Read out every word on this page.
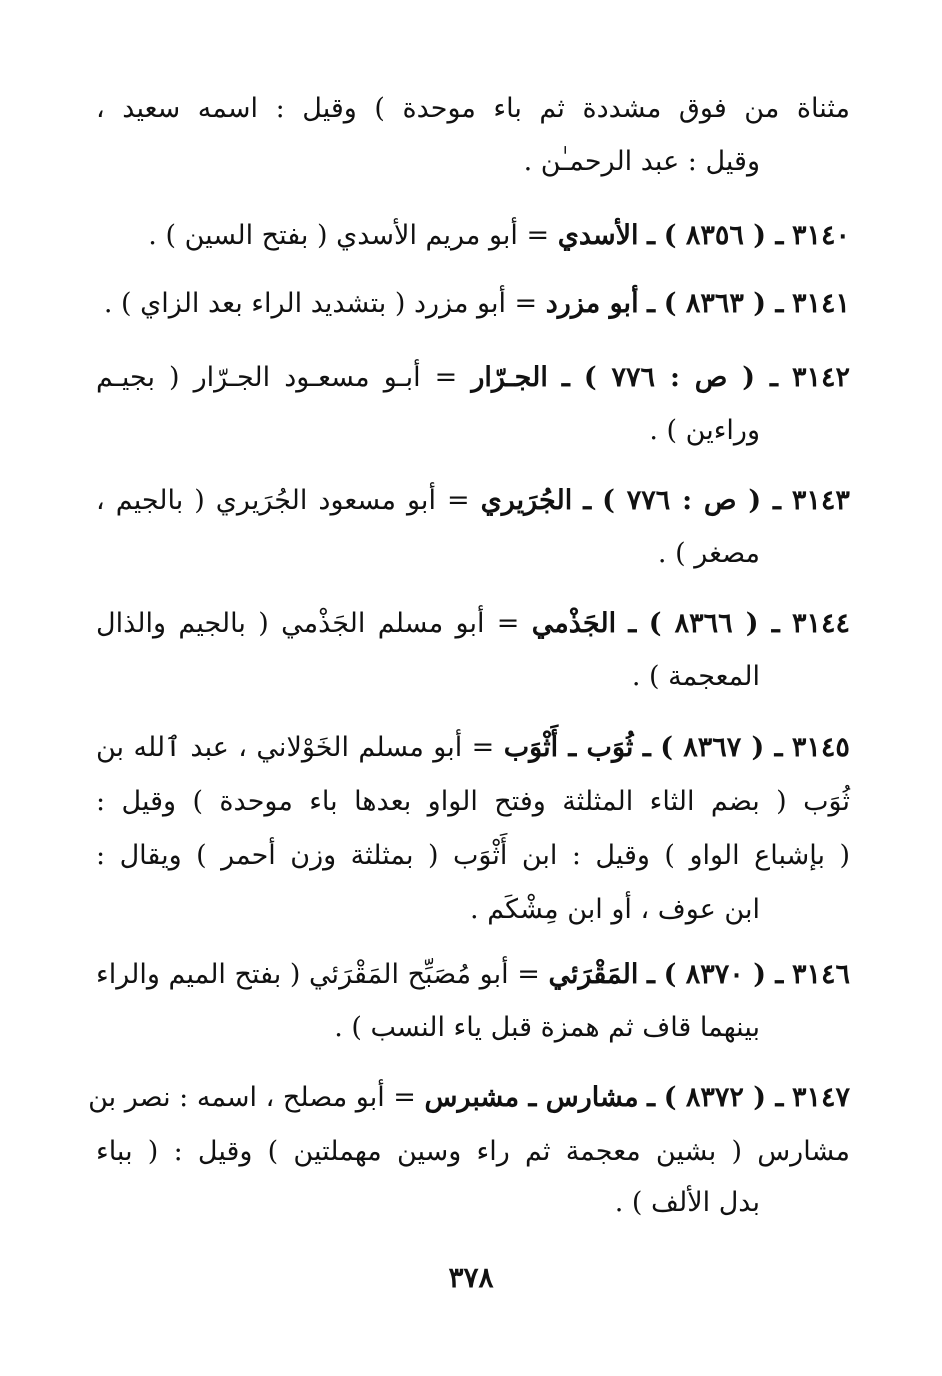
مثناة من فوق مشددة ثم باء موحدة ) وقيل : اسمه سعيد ،
وقيل : عبد الرحمـٰن .
٣١٤٠ ـ ( ٨٣٥٦ ) ـ الأسدي = أبو مريم الأسدي ( بفتح السين ) .
٣١٤١ ـ ( ٨٣٦٣ ) ـ أبو مزرد = أبو مزرد ( بتشديد الراء بعد الزاي ) .
٣١٤٢ ـ ( ص : ٧٧٦ ) ـ الجـرّار = أبـو مسعـود الجـرّار ( بجيـم
وراءين ) .
٣١٤٣ ـ ( ص : ٧٧٦ ) ـ الجُرَيري = أبو مسعود الجُرَيري ( بالجيم ،
مصغر ) .
٣١٤٤ ـ ( ٨٣٦٦ ) ـ الجَذْمي = أبو مسلم الجَذْمي ( بالجيم والذال
المعجمة ) .
٣١٤٥ ـ ( ٨٣٦٧ ) ـ ثُوَب ـ أَثْوَب = أبو مسلم الخَوْلاني ، عبد ٱلله بن
ثُوَب ( بضم الثاء المثلثة وفتح الواو بعدها باء موحدة ) وقيل :
( بإشباع الواو ) وقيل : ابن أَثْوَب ( بمثلثة وزن أحمر ) ويقال :
ابن عوف ، أو ابن مِشْكَم .
٣١٤٦ ـ ( ٨٣٧٠ ) ـ المَقْرَئي = أبو مُصَبِّح المَقْرَئي ( بفتح الميم والراء
بينهما قاف ثم همزة قبل ياء النسب ) .
٣١٤٧ ـ ( ٨٣٧٢ ) ـ مشارس ـ مشبرس = أبو مصلح ، اسمه : نصر بن
مشارس ( بشين معجمة ثم راء وسين مهملتين ) وقيل : ( بباء
بدل الألف ) .
٣٧٨
